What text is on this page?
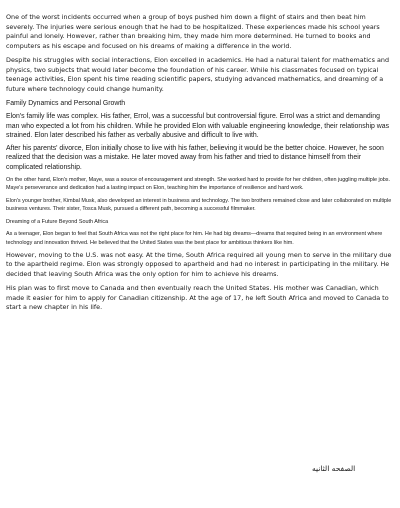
One of the worst incidents occurred when a group of boys pushed him down a flight of stairs and then beat him severely. The injuries were serious enough that he had to be hospitalized. These experiences made his school years painful and lonely. However, rather than breaking him, they made him more determined. He turned to books and computers as his escape and focused on his dreams of making a difference in the world.

Despite his struggles with social interactions, Elon excelled in academics. He had a natural talent for mathematics and physics, two subjects that would later become the foundation of his career. While his classmates focused on typical teenage activities, Elon spent his time reading scientific papers, studying advanced mathematics, and dreaming of a future where technology could change humanity.

Family Dynamics and Personal Growth

Elon's family life was complex. His father, Errol, was a successful but controversial figure. Errol was a strict and demanding man who expected a lot from his children. While he provided Elon with valuable engineering knowledge, their relationship was strained. Elon later described his father as verbally abusive and difficult to live with.

After his parents' divorce, Elon initially chose to live with his father, believing it would be the better choice. However, he soon realized that the decision was a mistake. He later moved away from his father and tried to distance himself from their complicated relationship.

On the other hand, Elon's mother, Maye, was a source of encouragement and strength. She worked hard to provide for her children, often juggling multiple jobs. Maye's perseverance and dedication had a lasting impact on Elon, teaching him the importance of resilience and hard work.

Elon's younger brother, Kimbal Musk, also developed an interest in business and technology. The two brothers remained close and later collaborated on multiple business ventures. Their sister, Tosca Musk, pursued a different path, becoming a successful filmmaker.

Dreaming of a Future Beyond South Africa

As a teenager, Elon began to feel that South Africa was not the right place for him. He had big dreams—dreams that required being in an environment where technology and innovation thrived. He believed that the United States was the best place for ambitious thinkers like him.

However, moving to the U.S. was not easy. At the time, South Africa required all young men to serve in the military due to the apartheid regime. Elon was strongly opposed to apartheid and had no interest in participating in the military. He decided that leaving South Africa was the only option for him to achieve his dreams.

His plan was to first move to Canada and then eventually reach the United States. His mother was Canadian, which made it easier for him to apply for Canadian citizenship. At the age of 17, he left South Africa and moved to Canada to start a new chapter in his life.

الصفحه الثانيه
